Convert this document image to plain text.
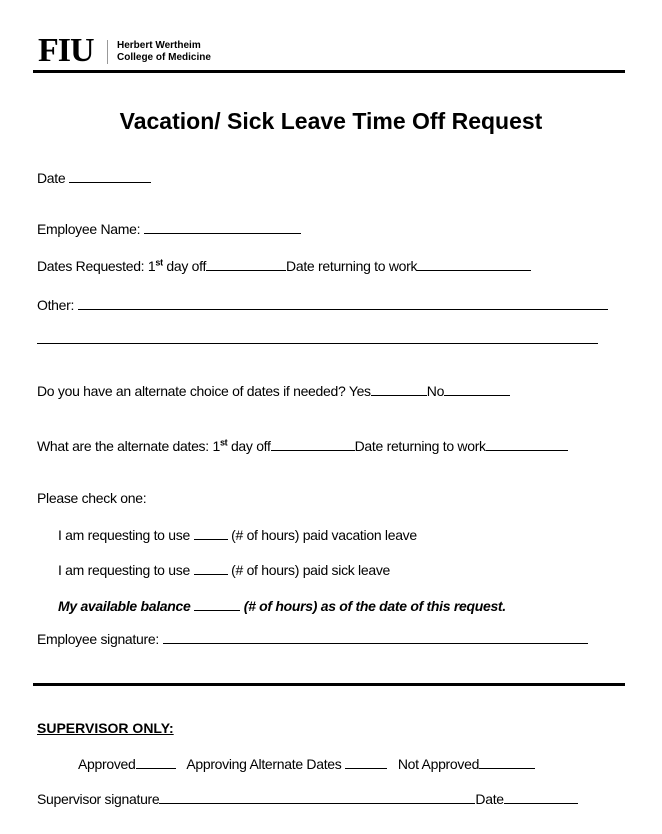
FIU Herbert Wertheim
College of Medicine
Vacation/ Sick Leave Time Off Request
Date
Employee Name:
Dates Requested: 1st day off	Date returning to work
Other:
Do you have an alternate choice of dates if needed? Yes	No
What are the alternate dates: 1st day off	Date returning to work
Please check one:
I am requesting to use	(# of hours) paid vacation leave
I am requesting to use	(# of hours) paid sick leave
My available balance	(# of hours) as of the date of this request.
Employee signature:
SUPERVISOR ONLY:
Approved	Approving Alternate Dates	Not Approved
Supervisor signature	Date
